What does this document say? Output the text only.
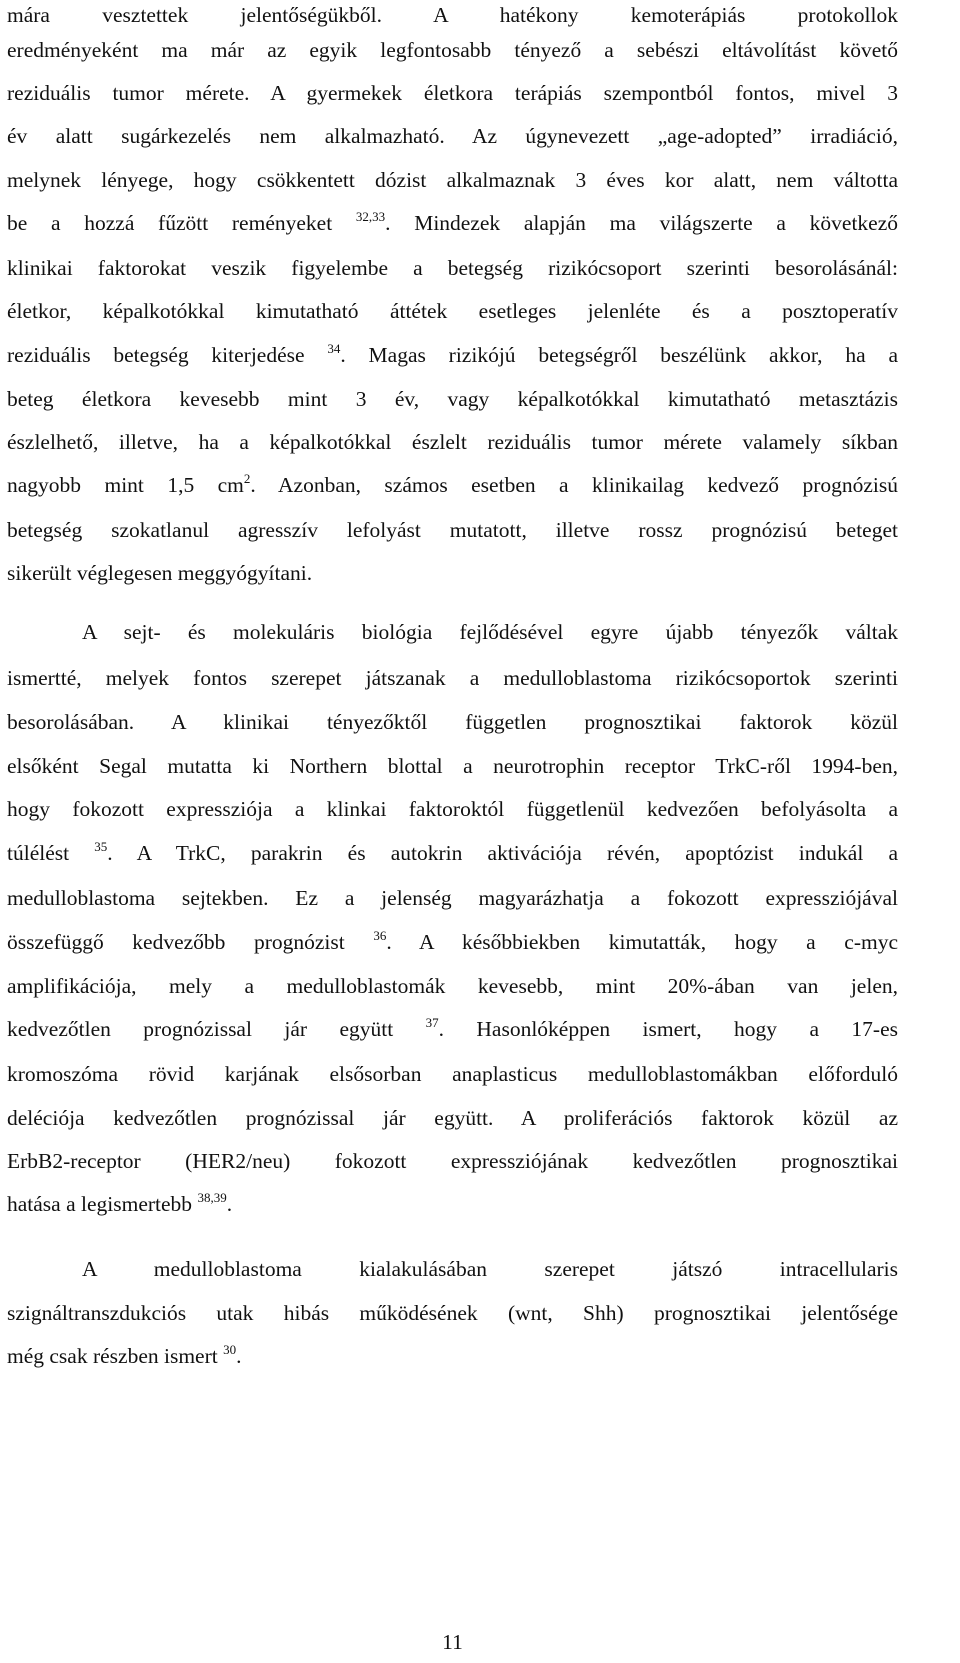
mára vesztettek jelentőségükből. A hatékony kemoterápiás protokollok
eredményeként ma már az egyik legfontosabb tényező a sebészi eltávolítást követő
reziduális tumor mérete. A gyermekek életkora terápiás szempontból fontos, mivel 3
év alatt sugárkezelés nem alkalmazható. Az úgynevezett „age-adopted” irradiáció,
melynek lényege, hogy csökkentett dózist alkalmaznak 3 éves kor alatt, nem váltotta
be a hozzá fűzött reményeket $^{32,33}$. Mindezek alapján ma világszerte a következő
klinikai faktorokat veszik figyelembe a betegség rizikócsoport szerinti besorolásánál:
életkor, képalkotókkal kimutatható áttétek esetleges jelenléte és a posztoperatív
reziduális betegség kiterjedése $^{34}$. Magas rizikójú betegségről beszélünk akkor, ha a
beteg életkora kevesebb mint 3 év, vagy képalkotókkal kimutatható metasztázis
észlelhető, illetve, ha a képalkotókkal észlelt reziduális tumor mérete valamely síkban
nagyobb mint 1,5 $cm^2$. Azonban, számos esetben a klinikailag kedvező prognózisú
betegség szokatlanul agresszív lefolyást mutatott, illetve rossz prognózisú beteget
sikerült véglegesen meggyógyítani.
A sejt- és molekuláris biológia fejlődésével egyre újabb tényezők váltak
ismertté, melyek fontos szerepet játszanak a medulloblastoma rizikócsoportok szerinti
besorolásában. A klinikai tényezőktől független prognosztikai faktorok közül
elsőként Segal mutatta ki Northern blottal a neurotrophin receptor TrkC-ről 1994-ben,
hogy fokozott expressziója a klinkai faktoroktól függetlenül kedvezően befolyásolta a
túlélést $^{35}$. A TrkC, parakrin és autokrin aktivációja révén, apoptózist indukál a
medulloblastoma sejtekben. Ez a jelenség magyarázhatja a fokozott expressziójával
összefüggő kedvezőbb prognózist $^{36}$. A későbbiekben kimutatták, hogy a c-myc
amplifikációja, mely a medulloblastomák kevesebb, mint 20%-ában van jelen,
kedvezőtlen prognózissal jár együtt $^{37}$. Hasonlóképpen ismert, hogy a 17-es
kromoszóma rövid karjának elsősorban anaplasticus medulloblastomákban előforduló
deléciója kedvezőtlen prognózissal jár együtt. A proliferációs faktorok közül az
ErbB2-receptor (HER2/neu) fokozott expressziójának kedvezőtlen prognosztikai
hatása a legismertebb $^{38,39}$.
A medulloblastoma kialakulásában szerepet játszó intracellularis
szignáltranszdukciós utak hibás működésének (wnt, Shh) prognosztikai jelentősége
még csak részben ismert $^{30}$.
11
